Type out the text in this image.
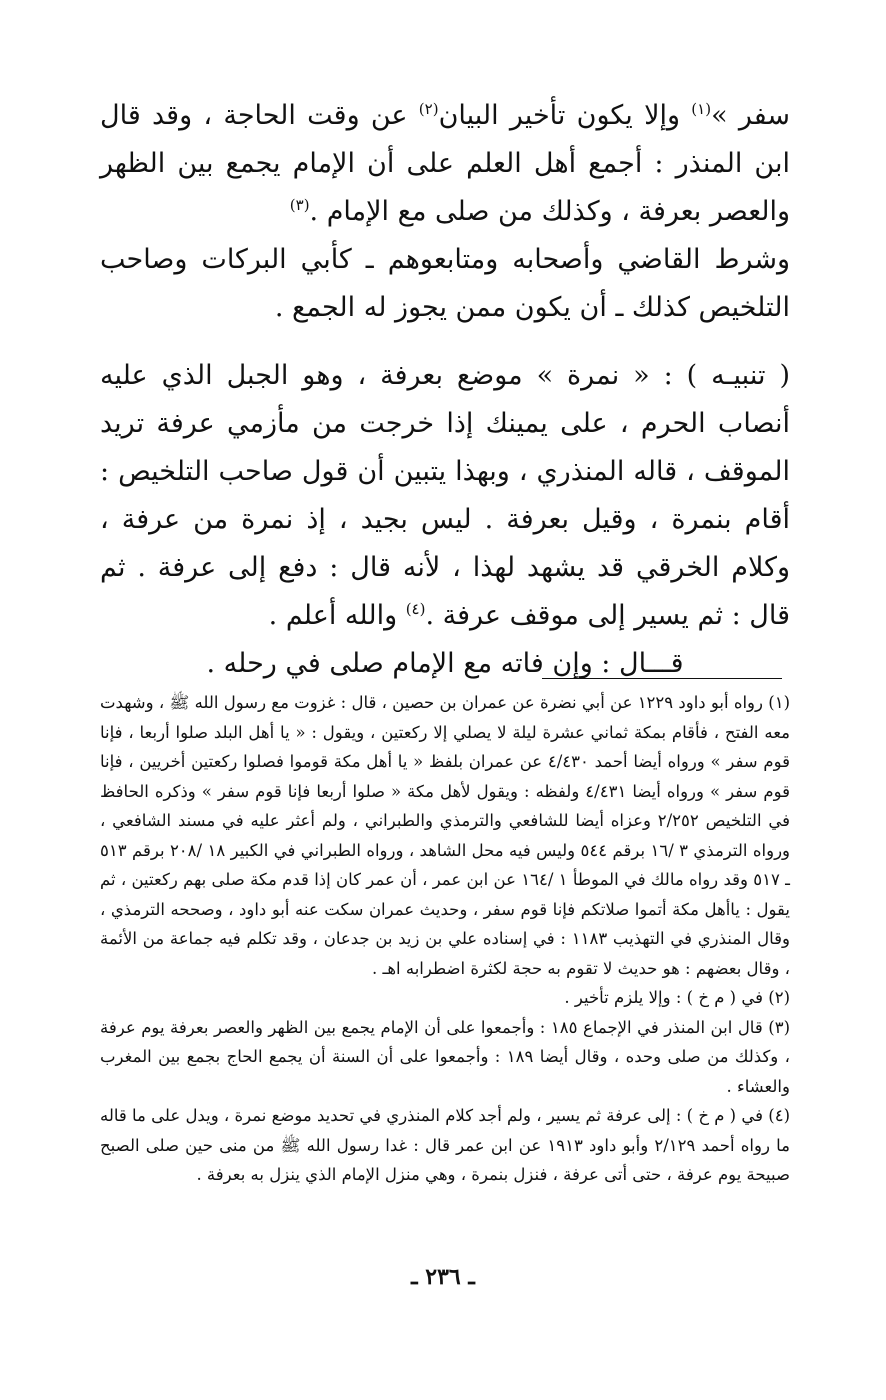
سفر »$^{(١)}$ وإلا يكون تأخير البيان$^{(٢)}$ عن وقت الحاجة ، وقد قال ابن المنذر : أجمع أهل العلم على أن الإمام يجمع بين الظهر والعصر بعرفة ، وكذلك من صلى مع الإمام .$^{(٣)}$

وشرط القاضي وأصحابه ومتابعوهم ـ كأبي البركات وصاحب التلخيص كذلك ـ أن يكون ممن يجوز له الجمع .

( تنبيـه ) : « نمرة » موضع بعرفة ، وهو الجبل الذي عليه أنصاب الحرم ، على يمينك إذا خرجت من مأزمي عرفة تريد الموقف ، قاله المنذري ، وبهذا يتبين أن قول صاحب التلخيص : أقام بنمرة ، وقيل بعرفة . ليس بجيد ، إذ نمرة من عرفة ، وكلام الخرقي قد يشهد لهذا ، لأنه قال : دفع إلى عرفة . ثم قال : ثم يسير إلى موقف عرفة .$^{(٤)}$ والله أعلم .

قـــال : وإن فاته مع الإمام صلى في رحله .

(١) رواه أبو داود ١٢٢٩ عن أبي نضرة عن عمران بن حصين ، قال : غزوت مع رسول الله ﷺ ، وشهدت معه الفتح ، فأقام بمكة ثماني عشرة ليلة لا يصلي إلا ركعتين ، ويقول : « يا أهل البلد صلوا أربعا ، فإنا قوم سفر » ورواه أيضا أحمد ٤/٤٣٠ عن عمران بلفظ « يا أهل مكة قوموا فصلوا ركعتين أخريين ، فإنا قوم سفر » ورواه أيضا ٤/٤٣١ ولفظه : ويقول لأهل مكة « صلوا أربعا فإنا قوم سفر » وذكره الحافظ في التلخيص ٢/٢٥٢ وعزاه أيضا للشافعي والترمذي والطبراني ، ولم أعثر عليه في مسند الشافعي ، ورواه الترمذي ٣ /١٦ برقم ٥٤٤ وليس فيه محل الشاهد ، ورواه الطبراني في الكبير ١٨ /٢٠٨ برقم ٥١٣ ـ ٥١٧ وقد رواه مالك في الموطأ ١ /١٦٤ عن ابن عمر ، أن عمر كان إذا قدم مكة صلى بهم ركعتين ، ثم يقول : ياأهل مكة أتموا صلاتكم فإنا قوم سفر ، وحديث عمران سكت عنه أبو داود ، وصححه الترمذي ، وقال المنذري في التهذيب ١١٨٣ : في إسناده علي بن زيد بن جدعان ، وقد تكلم فيه جماعة من الأئمة ، وقال بعضهم : هو حديث لا تقوم به حجة لكثرة اضطرابه اهـ .

(٢) في ( م خ ) : وإلا يلزم تأخير .

(٣) قال ابن المنذر في الإجماع ١٨٥ : وأجمعوا على أن الإمام يجمع بين الظهر والعصر بعرفة يوم عرفة ، وكذلك من صلى وحده ، وقال أيضا ١٨٩ : وأجمعوا على أن السنة أن يجمع الحاج بجمع بين المغرب والعشاء .

(٤) في ( م خ ) : إلى عرفة ثم يسير ، ولم أجد كلام المنذري في تحديد موضع نمرة ، ويدل على ما قاله ما رواه أحمد ٢/١٢٩ وأبو داود ١٩١٣ عن ابن عمر قال : غدا رسول الله ﷺ من منى حين صلى الصبح صبيحة يوم عرفة ، حتى أتى عرفة ، فنزل بنمرة ، وهي منزل الإمام الذي ينزل به بعرفة .

ـ ٢٣٦ ـ
